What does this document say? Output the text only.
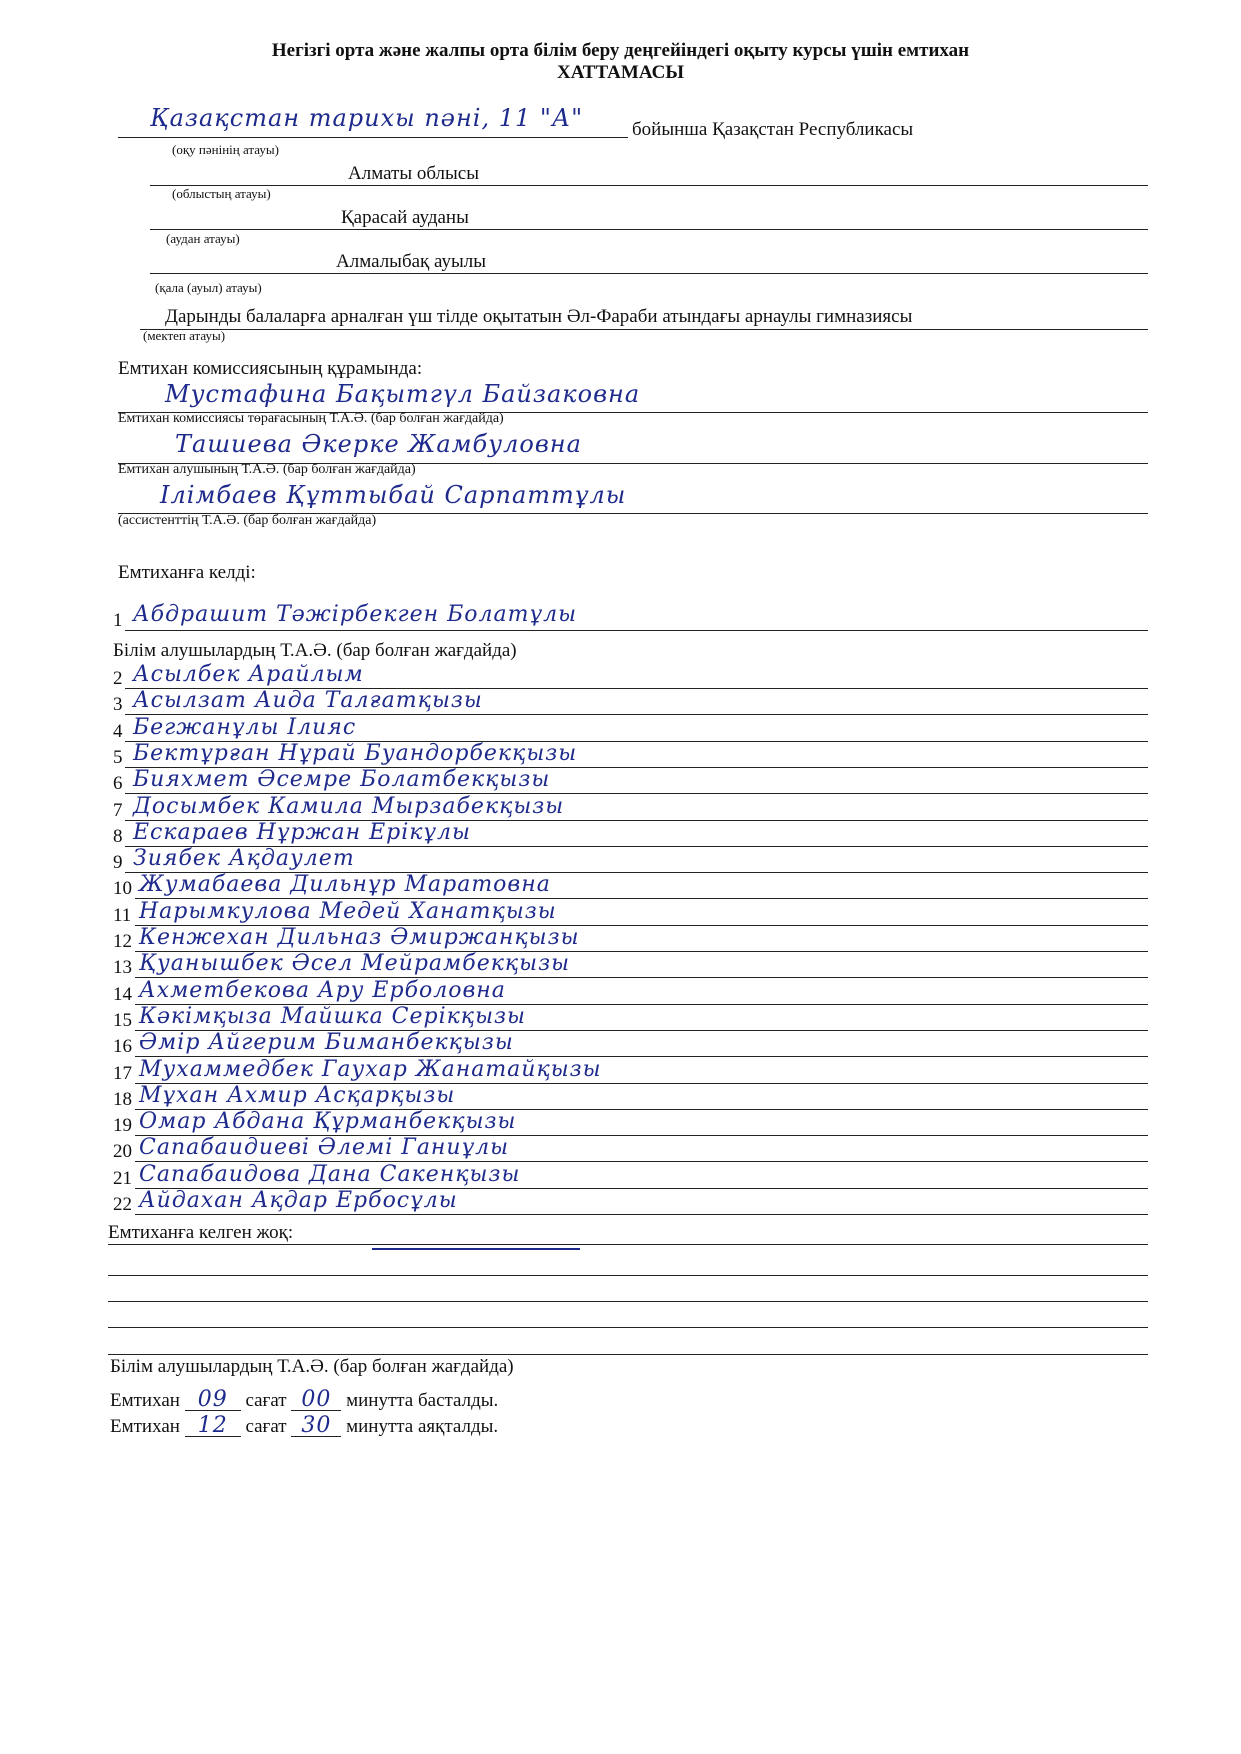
Негізгі орта және жалпы орта білім беру деңгейіндегі оқыту курсы үшін емтихан
ХАТТАМАСЫ
Қазақстан тарихы пәні, 11 "А"	бойынша Қазақстан Республикасы
(оқу пәнінің атауы)
Алматы облысы
(облыстың атауы)
Қарасай ауданы
(аудан атауы)
Алмалыбақ ауылы
(қала (ауыл) атауы)
Дарынды балаларға арналған үш тілде оқытатын Әл-Фараби атындағы арнаулы гимназиясы
(мектеп атауы)
Емтихан комиссиясының құрамында:
Мустафина Бақытгүл Байзаковна
Емтихан комиссиясы төрағасының Т.А.Ә. (бар болған жағдайда)
Ташиева Әкерке Жамбуловна
Емтихан алушының Т.А.Ә. (бар болған жағдайда)
Ілімбаев Құттыбай Сарпаттұлы
(ассистенттің Т.А.Ә. (бар болған жағдайда)
Емтиханға келді:
1 Абдрашит Тәжірбекген Болатұлы
2 Асылбек Арайлым
3 Асылзат Аида Талғатқызы
4 Бегжанұлы Ілияс
5 Бектұрған Нұрай Буандорбекқызы
6 Бияхмет Әсемрe Болатбекқызы
7 Досымбек Камила Мырзабекқызы
8 Ескараев Нұржан Ерікұлы
9 Зиябек Ақдаулет
10 Жумабаева Дильнұр Маратовна
11 Нарымкулова Медей Ханатқызы
12 Кенжехан Дильназ Әмиржанқызы
13 Қуанышбек Әсел Мейрамбекқызы
14 Ахметбекова Ару Ерболовна
15 Кәкімқыза Майшка Серікқызы
16 Әмір Айгерим Биманбекқызы
17 Мухаммедбек Гаухар Жанатайқызы
18 Мұхан Ахмир Асқарқызы
19 Омар Абдана Құрманбекқызы
20 Сапабаидиеві Әлемі Ганиұлы
21 Сапабаидова Дана Сакенқызы
22 Айдахан Ақдар Ербосұлы
Білім алушылардың Т.А.Ә. (бар болған жағдайда)
Емтиханға келген жоқ:
Білім алушылардың Т.А.Ә. (бар болған жағдайда)
Емтихан 09 сағат 00 минутта басталды.
Емтихан 12 сағат 30 минутта аяқталды.
